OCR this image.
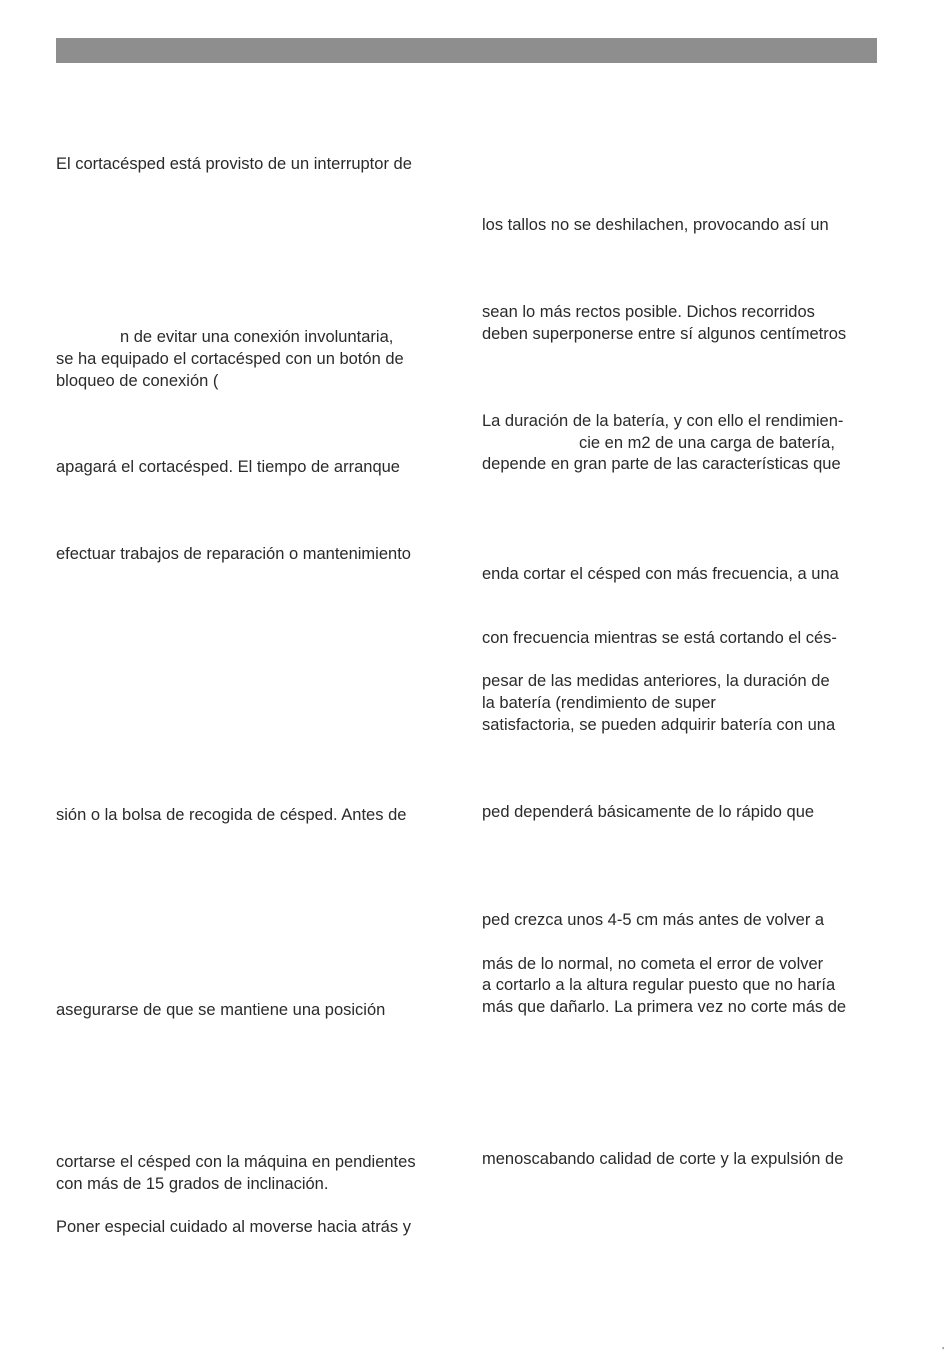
El cortacésped está provisto de un interruptor de
n de evitar una conexión involuntaria,
se ha equipado el cortacésped con un botón de
bloqueo de conexión (
apagará el cortacésped. El tiempo de arranque
efectuar trabajos de reparación o mantenimiento
sión o la bolsa de recogida de césped. Antes de
asegurarse de que se mantiene una posición
cortarse el césped con la máquina en pendientes
con más de 15 grados de inclinación.
Poner especial cuidado al moverse hacia atrás y
los tallos no se deshilachen, provocando así un
sean lo más rectos posible. Dichos recorridos
deben superponerse entre sí algunos centímetros
La duración de la batería, y con ello el rendimien-
cie en m2 de una carga de batería,
depende en gran parte de las características que
enda cortar el césped con más frecuencia, a una
con frecuencia mientras se está cortando el cés-
pesar de las medidas anteriores, la duración de
la batería (rendimiento de super
satisfactoria, se pueden adquirir batería con una
ped dependerá básicamente de lo rápido que
ped crezca unos 4-5 cm más antes de volver a
más de lo normal, no cometa el error de volver
a cortarlo a la altura regular puesto que no haría
más que dañarlo. La primera vez no corte más de
menoscabando calidad de corte y la expulsión de
'
